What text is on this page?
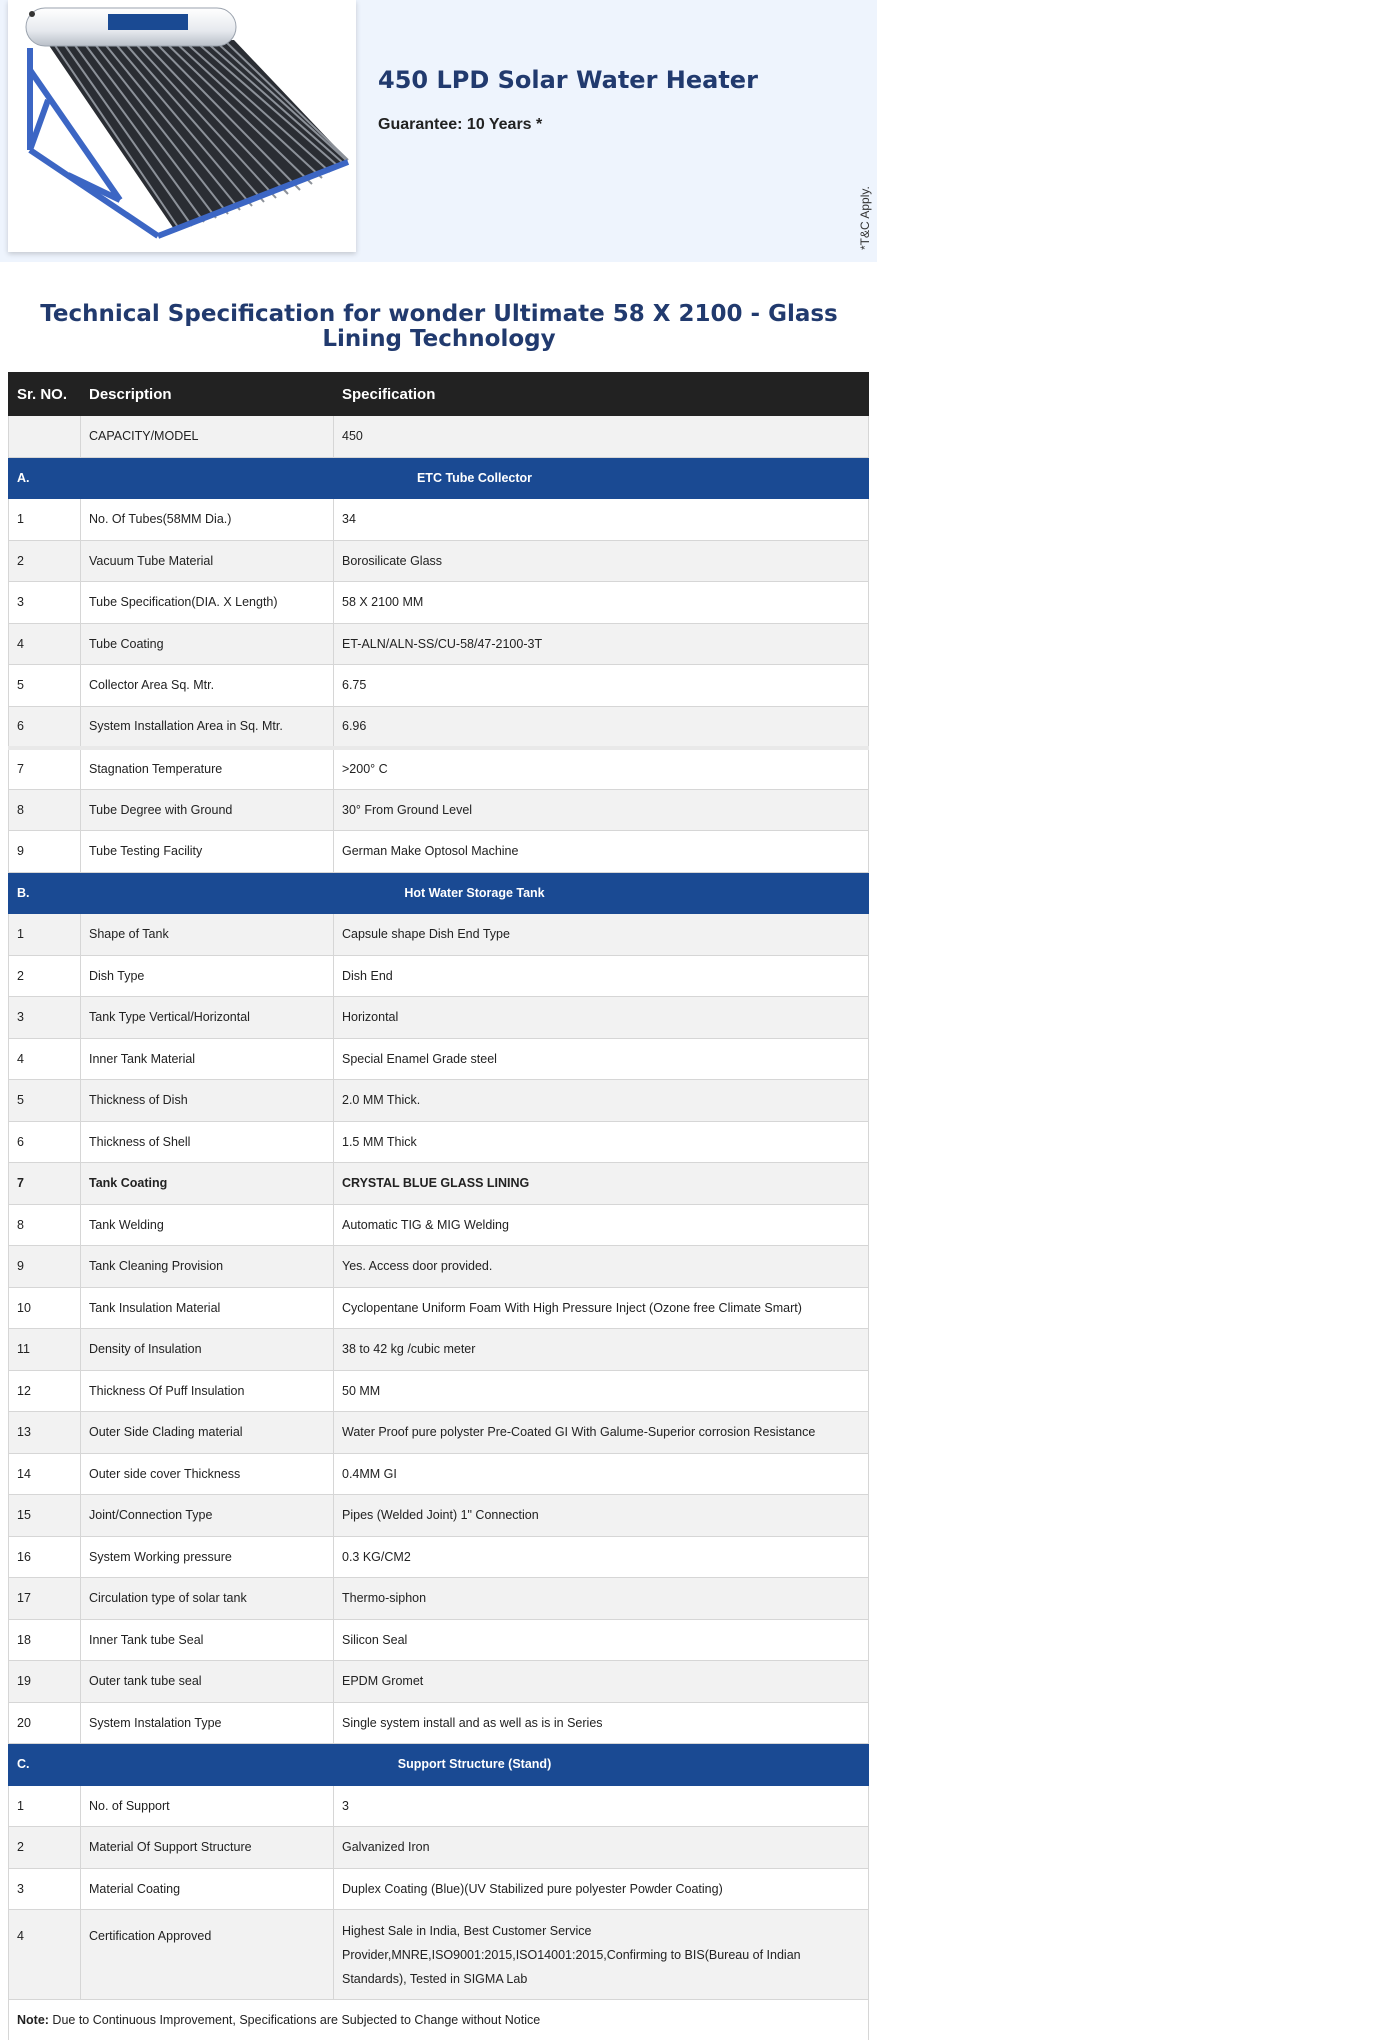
450 LPD Solar Water Heater
Guarantee: 10 Years *
*T&C Apply.
Technical Specification for wonder Ultimate 58 X 2100 - Glass Lining Technology
Sr. NO.	Description	Specification
	CAPACITY/MODEL	450
A.	ETC Tube Collector	
1	No. Of Tubes(58MM Dia.)	34
2	Vacuum Tube Material	Borosilicate Glass
3	Tube Specification(DIA. X Length)	58 X 2100 MM
4	Tube Coating	ET-ALN/ALN-SS/CU-58/47-2100-3T
5	Collector Area Sq. Mtr.	6.75
6	System Installation Area in Sq. Mtr.	6.96
7	Stagnation Temperature	>200° C
8	Tube Degree with Ground	30° From Ground Level
9	Tube Testing Facility	German Make Optosol Machine
B.	Hot Water Storage Tank	
1	Shape of Tank	Capsule shape Dish End Type
2	Dish Type	Dish End
3	Tank Type Vertical/Horizontal	Horizontal
4	Inner Tank Material	Special Enamel Grade steel
5	Thickness of Dish	2.0 MM Thick.
6	Thickness of Shell	1.5 MM Thick
7	Tank Coating	CRYSTAL BLUE GLASS LINING
8	Tank Welding	Automatic TIG & MIG Welding
9	Tank Cleaning Provision	Yes. Access door provided.
10	Tank Insulation Material	Cyclopentane Uniform Foam With High Pressure Inject (Ozone free Climate Smart)
11	Density of Insulation	38 to 42 kg /cubic meter
12	Thickness Of Puff Insulation	50 MM
13	Outer Side Clading material	Water Proof pure polyster Pre-Coated GI With Galume-Superior corrosion Resistance
14	Outer side cover Thickness	0.4MM GI
15	Joint/Connection Type	Pipes (Welded Joint) 1" Connection
16	System Working pressure	0.3 KG/CM2
17	Circulation type of solar tank	Thermo-siphon
18	Inner Tank tube Seal	Silicon Seal
19	Outer tank tube seal	EPDM Gromet
20	System Instalation Type	Single system install and as well as is in Series
C.	Support Structure (Stand)	
1	No. of Support	3
2	Material Of Support Structure	Galvanized Iron
3	Material Coating	Duplex Coating (Blue)(UV Stabilized pure polyester Powder Coating)
4	Certification Approved	Highest Sale in India, Best Customer Service Provider,MNRE,ISO9001:2015,ISO14001:2015,Confirming to BIS(Bureau of Indian Standards), Tested in SIGMA Lab
Note: Due to Continuous Improvement, Specifications are Subjected to Change without Notice		
